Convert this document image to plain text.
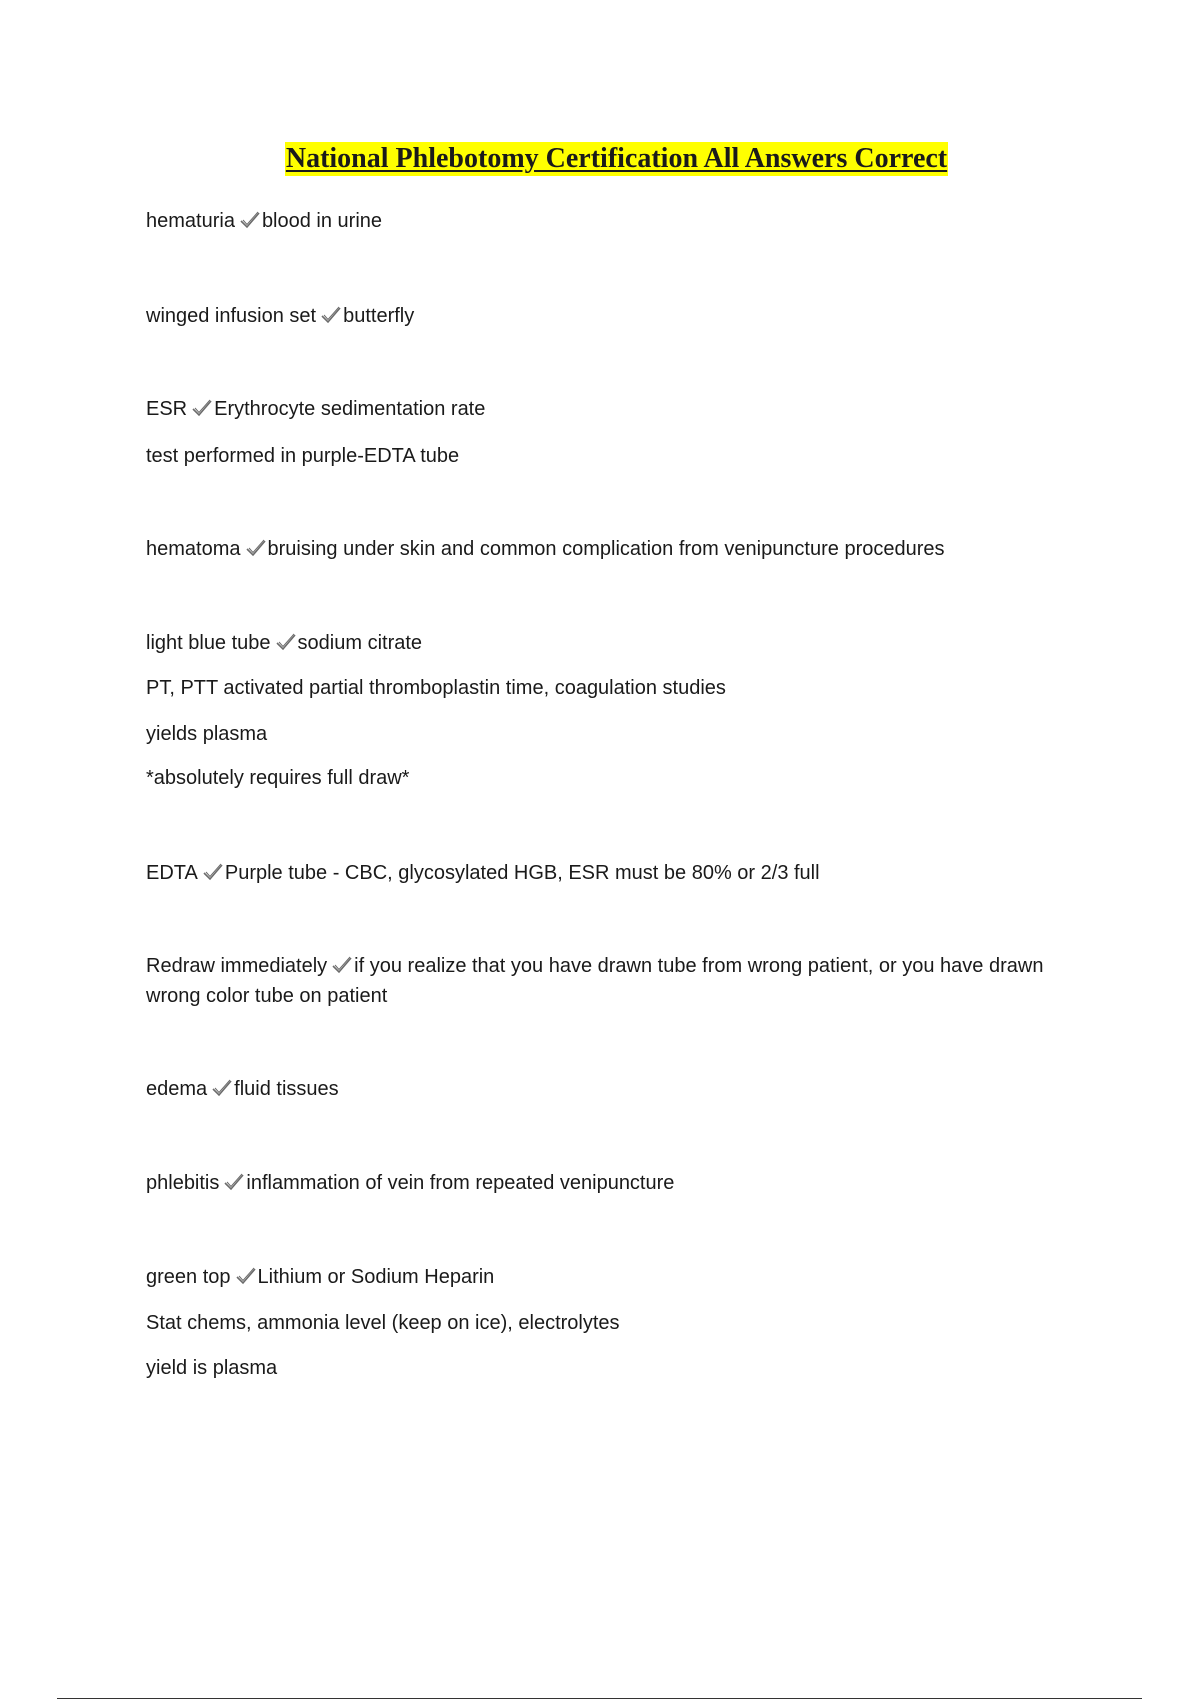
National Phlebotomy Certification All Answers Correct
hematuria blood in urine
winged infusion set butterfly
ESR Erythrocyte sedimentation rate
test performed in purple-EDTA tube
hematoma bruising under skin and common complication from venipuncture procedures
light blue tube sodium citrate
PT, PTT activated partial thromboplastin time, coagulation studies
yields plasma
*absolutely requires full draw*
EDTA Purple tube - CBC, glycosylated HGB, ESR must be 80% or 2/3 full
Redraw immediately if you realize that you have drawn tube from wrong patient, or you have drawn wrong color tube on patient
edema fluid tissues
phlebitis inflammation of vein from repeated venipuncture
green top Lithium or Sodium Heparin
Stat chems, ammonia level (keep on ice), electrolytes
yield is plasma
